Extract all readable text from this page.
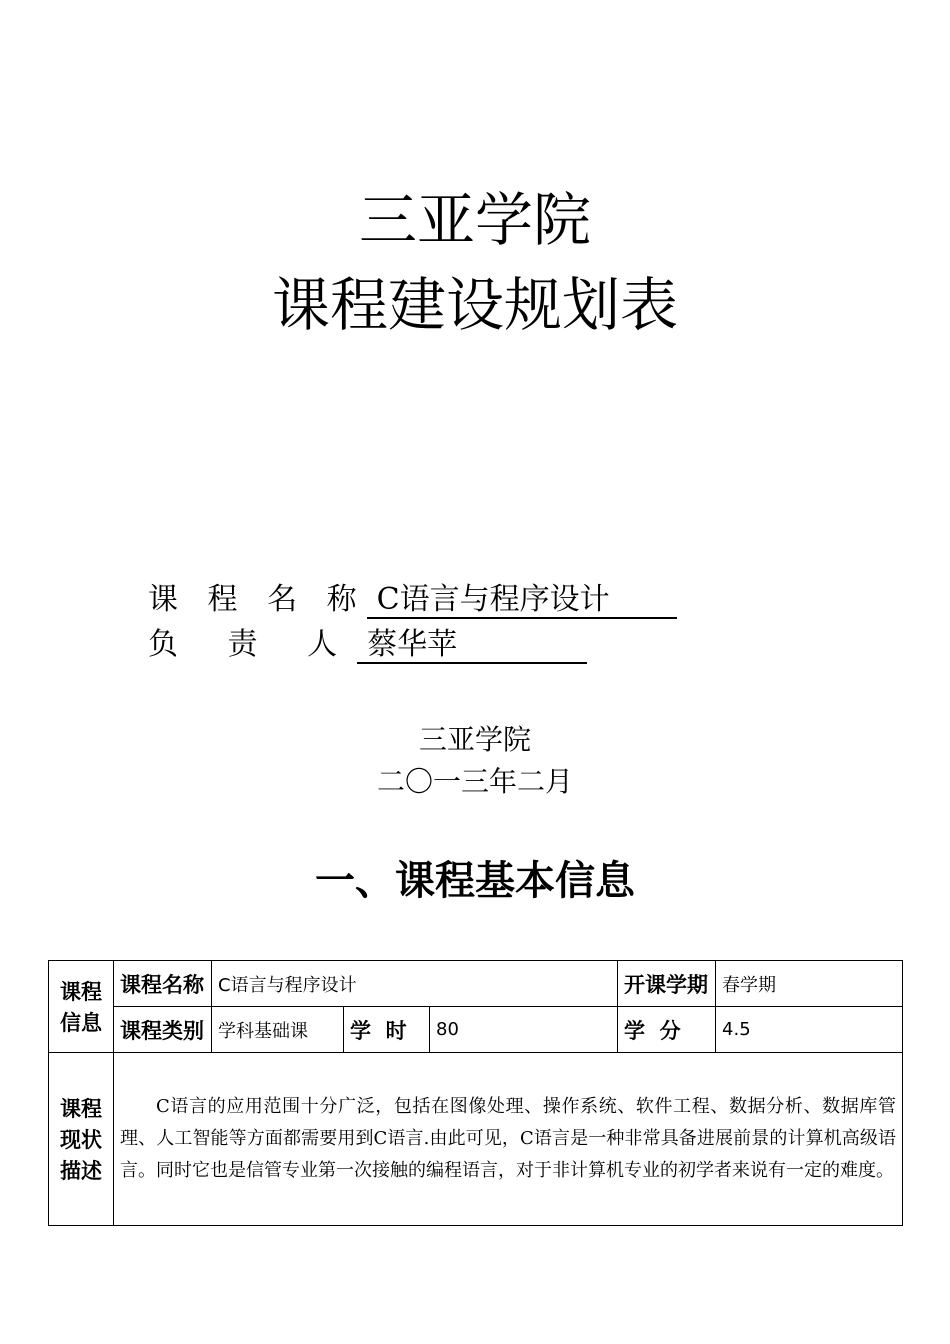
三亚学院
课程建设规划表
课 程 名 称 C语言与程序设计
负 责 人 蔡华苹
三亚学院
二〇一三年二月
一、课程基本信息
课程
信息	课程名称	C语言与程序设计			开课学期	春学期
	课程类别	学科基础课	学  时	80	学  分	4.5
课程
现状
描述	C语言的应用范围十分广泛，包括在图像处理、操作系统、软件工程、数据分析、数据库管理、人工智能等方面都需要用到C语言.由此可见，C语言是一种非常具备进展前景的计算机高级语言。同时它也是信管专业第一次接触的编程语言，对于非计算机专业的初学者来说有一定的难度。					
